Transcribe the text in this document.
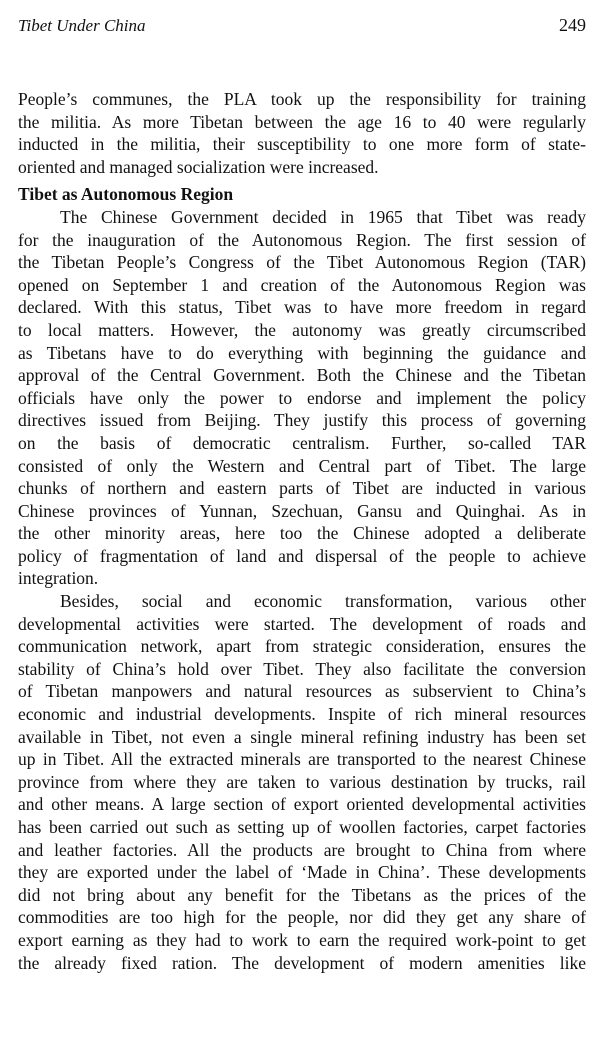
Tibet Under China	249
People’s communes, the PLA took up the responsibility for training
the militia. As more Tibetan between the age 16 to 40 were regularly
inducted in the militia, their susceptibility to one more form of state-
oriented and managed socialization were increased.
Tibet as Autonomous Region
The Chinese Government decided in 1965 that Tibet was ready
for the inauguration of the Autonomous Region. The first session of
the Tibetan People’s Congress of the Tibet Autonomous Region (TAR)
opened on September 1 and creation of the Autonomous Region was
declared. With this status, Tibet was to have more freedom in regard
to local matters. However, the autonomy was greatly circumscribed
as Tibetans have to do everything with beginning the guidance and
approval of the Central Government. Both the Chinese and the Tibetan
officials have only the power to endorse and implement the policy
directives issued from Beijing. They justify this process of governing
on the basis of democratic centralism. Further, so-called TAR
consisted of only the Western and Central part of Tibet. The large
chunks of northern and eastern parts of Tibet are inducted in various
Chinese provinces of Yunnan, Szechuan, Gansu and Quinghai. As in
the other minority areas, here too the Chinese adopted a deliberate
policy of fragmentation of land and dispersal of the people to achieve
integration.
Besides, social and economic transformation, various other
developmental activities were started. The development of roads and
communication network, apart from strategic consideration, ensures the
stability of China’s hold over Tibet. They also facilitate the conversion
of Tibetan manpowers and natural resources as subservient to China’s
economic and industrial developments. Inspite of rich mineral resources
available in Tibet, not even a single mineral refining industry has been set
up in Tibet. All the extracted minerals are transported to the nearest Chinese
province from where they are taken to various destination by trucks, rail
and other means. A large section of export oriented developmental activities
has been carried out such as setting up of woollen factories, carpet factories
and leather factories. All the products are brought to China from where
they are exported under the label of ‘Made in China’. These developments
did not bring about any benefit for the Tibetans as the prices of the
commodities are too high for the people, nor did they get any share of
export earning as they had to work to earn the required work-point to get
the already fixed ration. The development of modern amenities like
